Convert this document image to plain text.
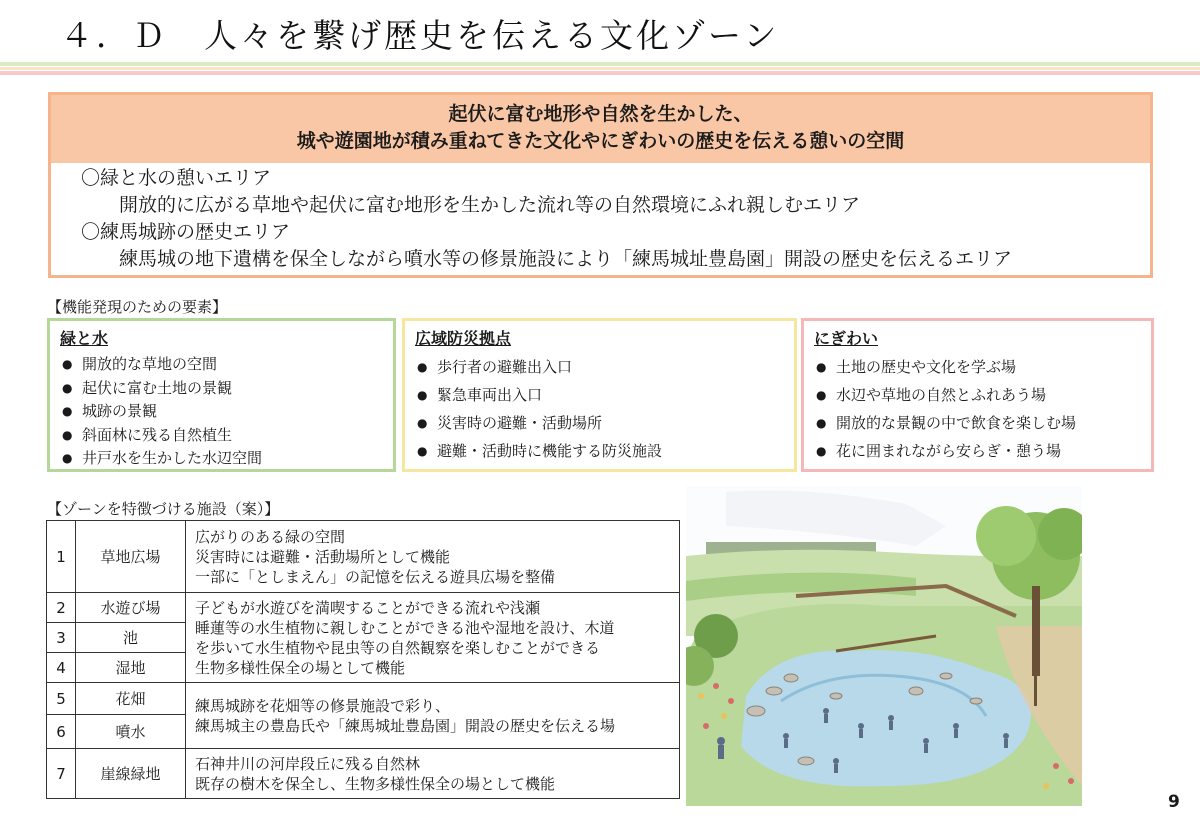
４．Ｄ　人々を繋げ歴史を伝える文化ゾーン
起伏に富む地形や自然を生かした、
城や遊園地が積み重ねてきた文化やにぎわいの歴史を伝える憩いの空間
〇緑と水の憩いエリア
開放的に広がる草地や起伏に富む地形を生かした流れ等の自然環境にふれ親しむエリア
〇練馬城跡の歴史エリア
練馬城の地下遺構を保全しながら噴水等の修景施設により「練馬城址豊島園」開設の歴史を伝えるエリア
【機能発現のための要素】
緑と水
● 開放的な草地の空間
● 起伏に富む土地の景観
● 城跡の景観
● 斜面林に残る自然植生
● 井戸水を生かした水辺空間
広域防災拠点
● 歩行者の避難出入口
● 緊急車両出入口
● 災害時の避難・活動場所
● 避難・活動時に機能する防災施設
にぎわい
● 土地の歴史や文化を学ぶ場
● 水辺や草地の自然とふれあう場
● 開放的な景観の中で飲食を楽しむ場
● 花に囲まれながら安らぎ・憩う場
【ゾーンを特徴づける施設（案）】
1	草地広場	広がりのある緑の空間
災害時には避難・活動場所として機能
一部に「としまえん」の記憶を伝える遊具広場を整備

2	水遊び場	子どもが水遊びを満喫することができる流れや浅瀬
睡蓮等の水生植物に親しむことができる池や湿地を設け、木道
を歩いて水生植物や昆虫等の自然観察を楽しむことができる
生物多様性保全の場として機能

3	池	
4	湿地	
5	花畑	練馬城跡を花畑等の修景施設で彩り、
練馬城主の豊島氏や「練馬城址豊島園」開設の歴史を伝える場

6	噴水	
7	崖線緑地	石神井川の河岸段丘に残る自然林
既存の樹木を保全し、生物多様性保全の場として機能
9
